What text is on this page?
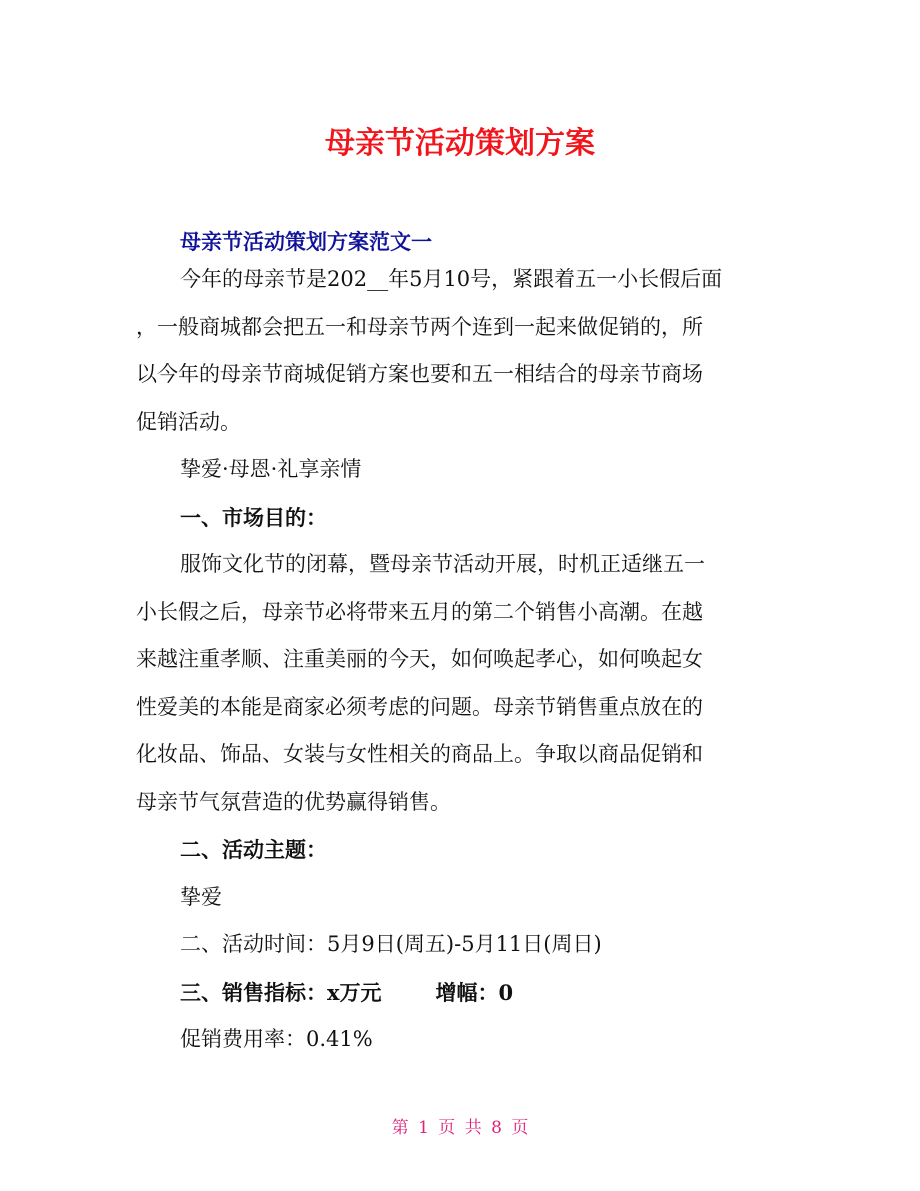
母亲节活动策划方案
母亲节活动策划方案范文一
今年的母亲节是202__年5月10号，紧跟着五一小长假后面
，一般商城都会把五一和母亲节两个连到一起来做促销的，所
以今年的母亲节商城促销方案也要和五一相结合的母亲节商场
促销活动。
挚爱·母恩·礼享亲情
一、市场目的：
服饰文化节的闭幕，暨母亲节活动开展，时机正适继五一
小长假之后，母亲节必将带来五月的第二个销售小高潮。在越
来越注重孝顺、注重美丽的今天，如何唤起孝心，如何唤起女
性爱美的本能是商家必须考虑的问题。母亲节销售重点放在的
化妆品、饰品、女装与女性相关的商品上。争取以商品促销和
母亲节气氛营造的优势赢得销售。
二、活动主题：
挚爱
二、活动时间：5月9日(周五)-5月11日(周日)
三、销售指标：x万元	增幅：0
促销费用率：0.41%
第 1 页 共 8 页
